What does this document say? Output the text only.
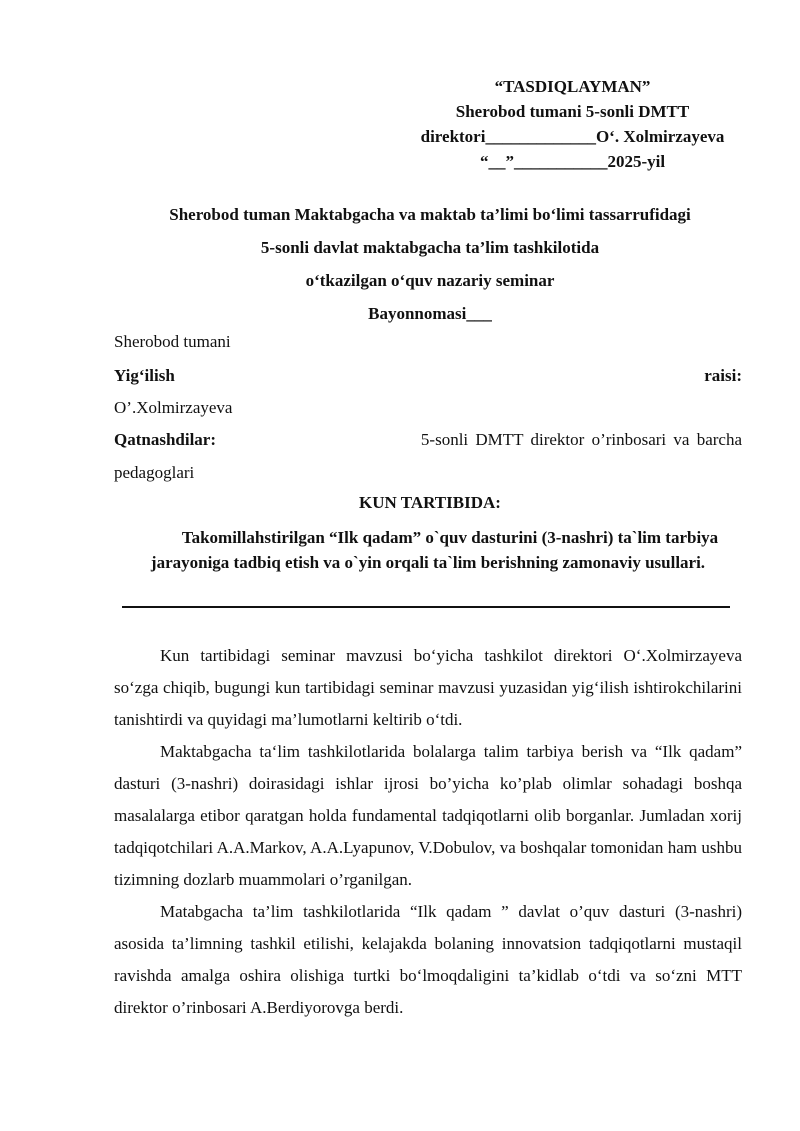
“TASDIQLAYMAN”
Sherobod tumani 5-sonli DMTT
direktori_____________O‘. Xolmirzayeva
“__”___________2025-yil
Sherobod tuman Maktabgacha va maktab ta’limi bo‘limi tassarrufidagi
5-sonli davlat maktabgacha ta’lim tashkilotida
o‘tkazilgan o‘quv nazariy seminar
Bayonnomasi___
Sherobod tumani
Yig‘ilish	raisi:
O’.Xolmirzayeva
Qatnashdilar:	5-sonli DMTT direktor o’rinbosari va barcha
pedagoglari
KUN TARTIBIDA:
Takomillahstirilgan “Ilk qadam” o`quv dasturini (3-nashri) ta`lim tarbiya jarayoniga tadbiq etish va o`yin orqali ta`lim berishning zamonaviy usullari.

Kun tartibidagi seminar mavzusi bo‘yicha tashkilot direktori O‘.Xolmirzayeva so‘zga chiqib, bugungi kun tartibidagi seminar mavzusi yuzasidan yig‘ilish ishtirokchilarini tanishtirdi va quyidagi ma’lumotlarni keltirib o‘tdi.

Maktabgacha ta‘lim tashkilotlarida bolalarga talim tarbiya berish va “Ilk qadam” dasturi (3-nashri) doirasidagi ishlar ijrosi bo’yicha ko’plab olimlar sohadagi boshqa masalalarga etibor qaratgan holda fundamental tadqiqotlarni olib borganlar. Jumladan xorij tadqiqotchilari A.A.Markov, A.A.Lyapunov, V.Dobulov, va boshqalar tomonidan ham ushbu tizimning dozlarb muammolari o’rganilgan.

Matabgacha ta’lim tashkilotlarida “Ilk qadam ” davlat o’quv dasturi (3-nashri) asosida ta’limning tashkil etilishi, kelajakda bolaning innovatsion tadqiqotlarni mustaqil ravishda amalga oshira olishiga turtki bo‘lmoqdaligini ta’kidlab o‘tdi va so‘zni MTT direktor o’rinbosari A.Berdiyorovga berdi.
